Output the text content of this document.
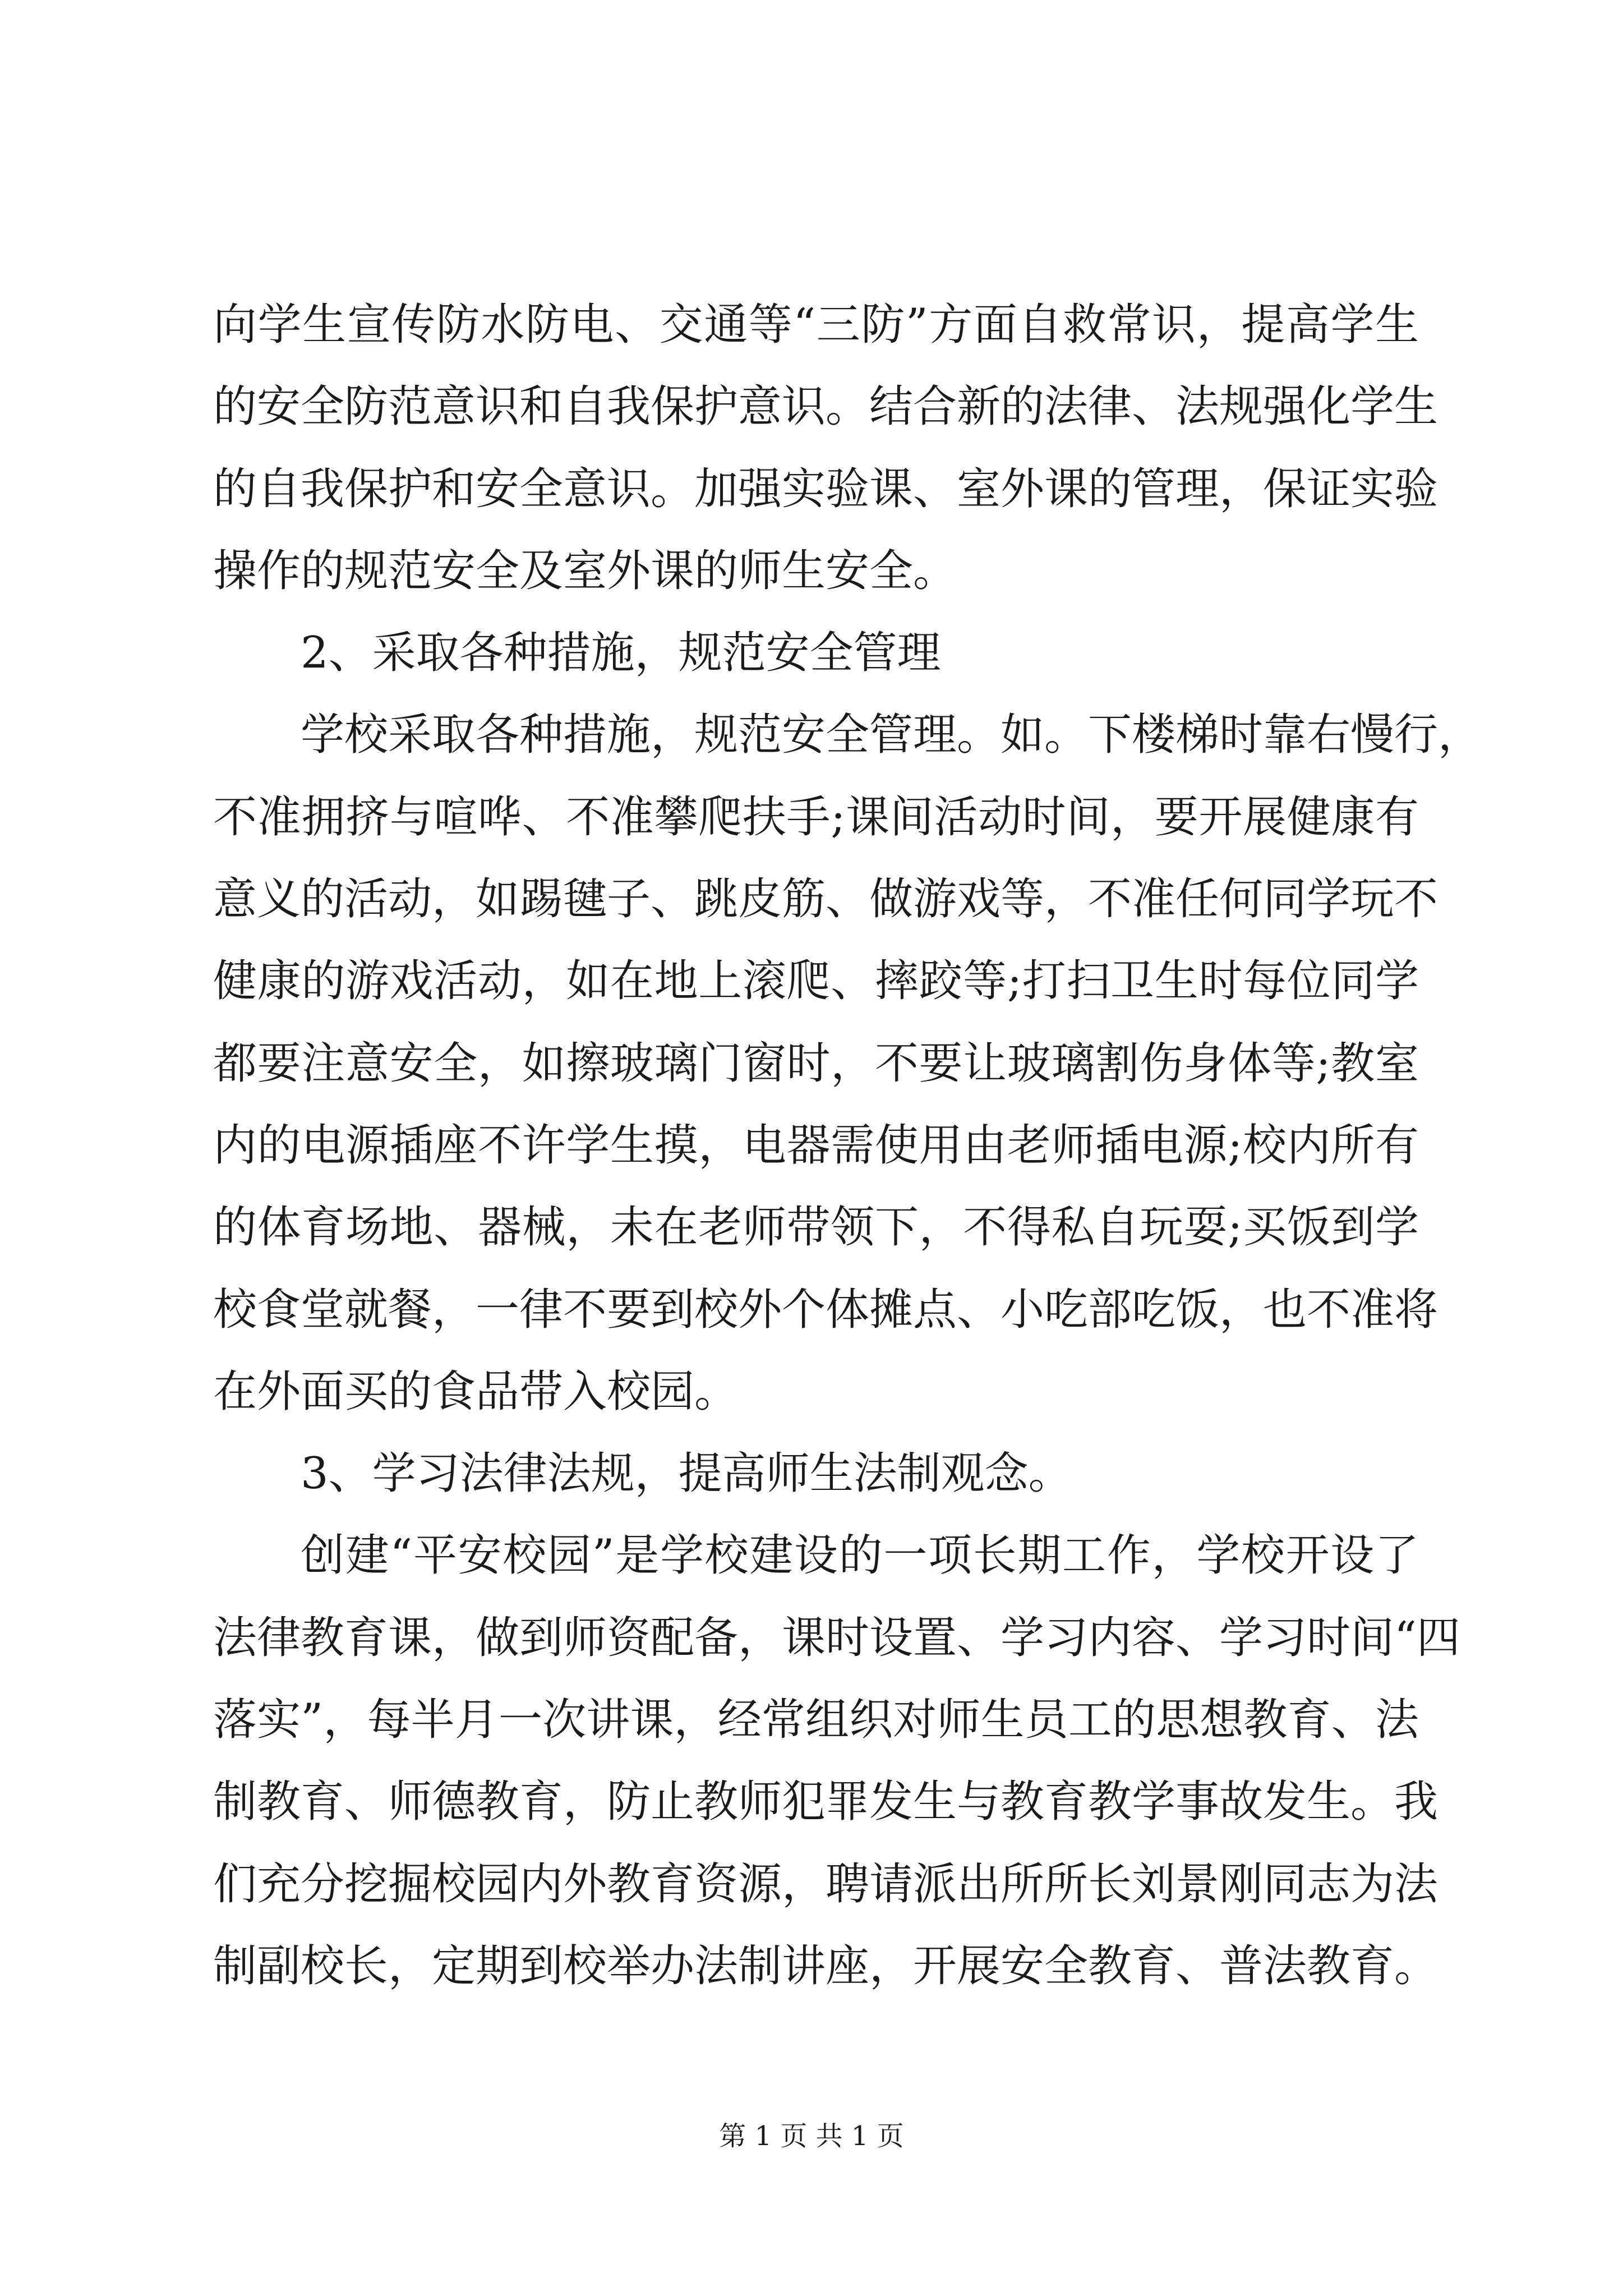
向学生宣传防水防电、交通等“三防”方面自救常识，提高学生
的安全防范意识和自我保护意识。结合新的法律、法规强化学生
的自我保护和安全意识。加强实验课、室外课的管理，保证实验
操作的规范安全及室外课的师生安全。
2、采取各种措施，规范安全管理
学校采取各种措施，规范安全管理。如。下楼梯时靠右慢行，
不准拥挤与喧哗、不准攀爬扶手;课间活动时间，要开展健康有
意义的活动，如踢毽子、跳皮筋、做游戏等，不准任何同学玩不
健康的游戏活动，如在地上滚爬、摔跤等;打扫卫生时每位同学
都要注意安全，如擦玻璃门窗时，不要让玻璃割伤身体等;教室
内的电源插座不许学生摸，电器需使用由老师插电源;校内所有
的体育场地、器械，未在老师带领下，不得私自玩耍;买饭到学
校食堂就餐，一律不要到校外个体摊点、小吃部吃饭，也不准将
在外面买的食品带入校园。
3、学习法律法规，提高师生法制观念。
创建“平安校园”是学校建设的一项长期工作，学校开设了
法律教育课，做到师资配备，课时设置、学习内容、学习时间“四
落实”，每半月一次讲课，经常组织对师生员工的思想教育、法
制教育、师德教育，防止教师犯罪发生与教育教学事故发生。我
们充分挖掘校园内外教育资源，聘请派出所所长刘景刚同志为法
制副校长，定期到校举办法制讲座，开展安全教育、普法教育。
第 1 页 共 1 页
